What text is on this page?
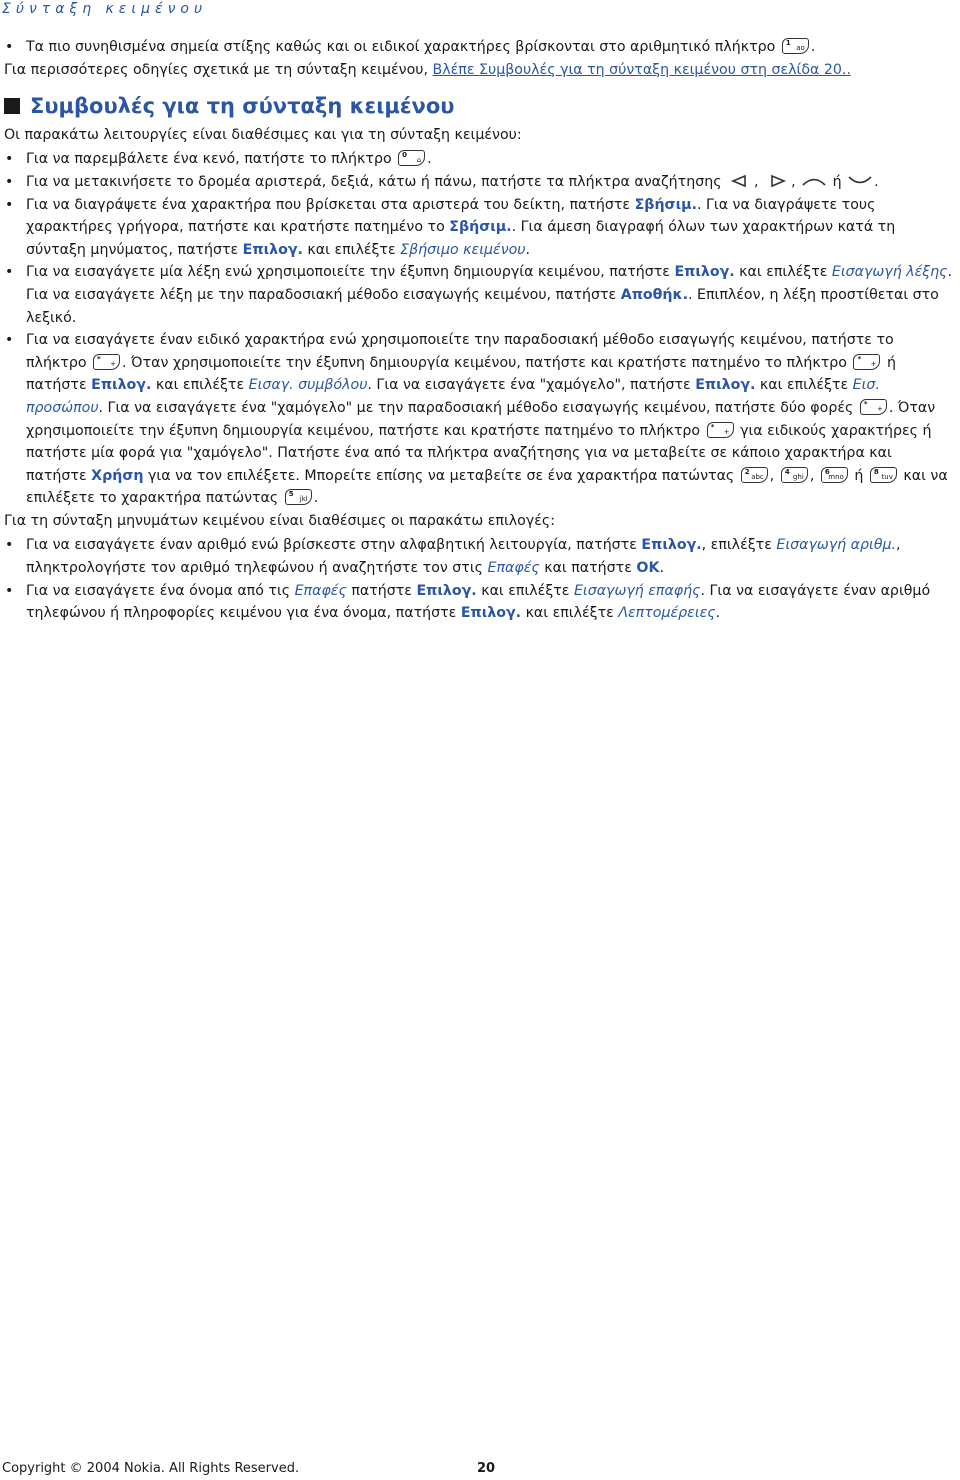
Σύνταξη κειμένου
• Τα πιο συνηθισμένα σημεία στίξης καθώς και οι ειδικοί χαρακτήρες βρίσκονται στο αριθμητικό πλήκτρο 1
ao .
Για περισσότερες οδηγίες σχετικά με τη σύνταξη κειμένου, Βλέπε Συμβουλές για τη σύνταξη κειμένου στη σελίδα 20..
Συμβουλές για τη σύνταξη κειμένου
Οι παρακάτω λειτουργίες είναι διαθέσιμες και για τη σύνταξη κειμένου:
• Για να παρεμβάλετε ένα κενό, πατήστε το πλήκτρο 0
⌂ .
• Για να μετακινήσετε το δρομέα αριστερά, δεξιά, κάτω ή πάνω, πατήστε τα πλήκτρα αναζήτησης , ,  ή .
• Για να διαγράψετε ένα χαρακτήρα που βρίσκεται στα αριστερά του δείκτη, πατήστε Σβήσιμ.. Για να διαγράψετε τους χαρακτήρες γρήγορα, πατήστε και κρατήστε πατημένο το Σβήσιμ.. Για άμεση διαγραφή όλων των χαρακτήρων κατά τη σύνταξη μηνύματος, πατήστε Επιλογ. και επιλέξτε Σβήσιμο κειμένου.
• Για να εισαγάγετε μία λέξη ενώ χρησιμοποιείτε την έξυπνη δημιουργία κειμένου, πατήστε Επιλογ. και επιλέξτε Εισαγωγή λέξης. Για να εισαγάγετε λέξη με την παραδοσιακή μέθοδο εισαγωγής κειμένου, πατήστε Αποθήκ.. Επιπλέον, η λέξη προστίθεται στο λεξικό.
• Για να εισαγάγετε έναν ειδικό χαρακτήρα ενώ χρησιμοποιείτε την παραδοσιακή μέθοδο εισαγωγής κειμένου, πατήστε το πλήκτρο *
+ . Όταν χρησιμοποιείτε την έξυπνη δημιουργία κειμένου, πατήστε και κρατήστε πατημένο το πλήκτρο *
+ ή πατήστε Επιλογ. και επιλέξτε Εισαγ. συμβόλου. Για να εισαγάγετε ένα "χαμόγελο", πατήστε Επιλογ. και επιλέξτε Εισ. προσώπου. Για να εισαγάγετε ένα "χαμόγελο" με την παραδοσιακή μέθοδο εισαγωγής κειμένου, πατήστε δύο φορές *
+ . Όταν χρησιμοποιείτε την έξυπνη δημιουργία κειμένου, πατήστε και κρατήστε πατημένο το πλήκτρο *
+ για ειδικούς χαρακτήρες ή πατήστε μία φορά για "χαμόγελο". Πατήστε ένα από τα πλήκτρα αναζήτησης για να μεταβείτε σε κάποιο χαρακτήρα και πατήστε Χρήση για να τον επιλέξετε. Μπορείτε επίσης να μεταβείτε σε ένα χαρακτήρα πατώντας 2
abc , 4
ghi , 6
mno ή 8
tuv και να επιλέξετε το χαρακτήρα πατώντας 5
jkl .
Για τη σύνταξη μηνυμάτων κειμένου είναι διαθέσιμες οι παρακάτω επιλογές:
• Για να εισαγάγετε έναν αριθμό ενώ βρίσκεστε στην αλφαβητική λειτουργία, πατήστε Επιλογ., επιλέξτε Εισαγωγή αριθμ., πληκτρολογήστε τον αριθμό τηλεφώνου ή αναζητήστε τον στις Επαφές και πατήστε OK.
• Για να εισαγάγετε ένα όνομα από τις Επαφές πατήστε Επιλογ. και επιλέξτε Εισαγωγή επαφής. Για να εισαγάγετε έναν αριθμό τηλεφώνου ή πληροφορίες κειμένου για ένα όνομα, πατήστε Επιλογ. και επιλέξτε Λεπτομέρειες.
Copyright © 2004 Nokia. All Rights Reserved.	20
